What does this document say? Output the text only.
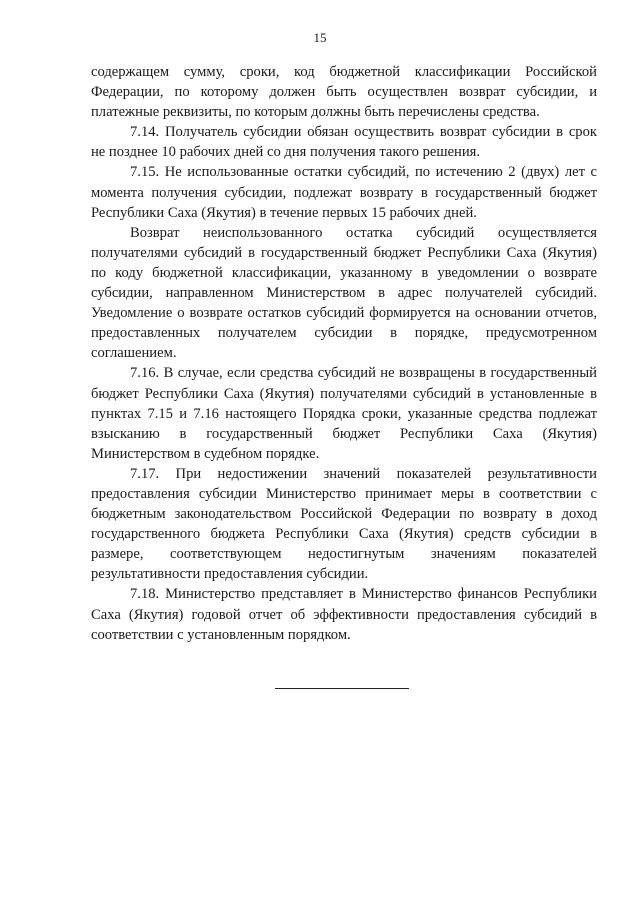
15

содержащем сумму, сроки, код бюджетной классификации Российской Федерации, по которому должен быть осуществлен возврат субсидии, и платежные реквизиты, по которым должны быть перечислены средства.

7.14. Получатель субсидии обязан осуществить возврат субсидии в срок не позднее 10 рабочих дней со дня получения такого решения.

7.15. Не использованные остатки субсидий, по истечению 2 (двух) лет с момента получения субсидии, подлежат возврату в государственный бюджет Республики Саха (Якутия) в течение первых 15 рабочих дней.

Возврат неиспользованного остатка субсидий осуществляется получателями субсидий в государственный бюджет Республики Саха (Якутия) по коду бюджетной классификации, указанному в уведомлении о возврате субсидии, направленном Министерством в адрес получателей субсидий. Уведомление о возврате остатков субсидий формируется на основании отчетов, предоставленных получателем субсидии в порядке, предусмотренном соглашением.

7.16. В случае, если средства субсидий не возвращены в государственный бюджет Республики Саха (Якутия) получателями субсидий в установленные в пунктах 7.15 и 7.16 настоящего Порядка сроки, указанные средства подлежат взысканию в государственный бюджет Республики Саха (Якутия) Министерством в судебном порядке.

7.17. При недостижении значений показателей результативности предоставления субсидии Министерство принимает меры в соответствии с бюджетным законодательством Российской Федерации по возврату в доход государственного бюджета Республики Саха (Якутия) средств субсидии в размере, соответствующем недостигнутым значениям показателей результативности предоставления субсидии.

7.18. Министерство представляет в Министерство финансов Республики Саха (Якутия) годовой отчет об эффективности предоставления субсидий в соответствии с установленным порядком.
